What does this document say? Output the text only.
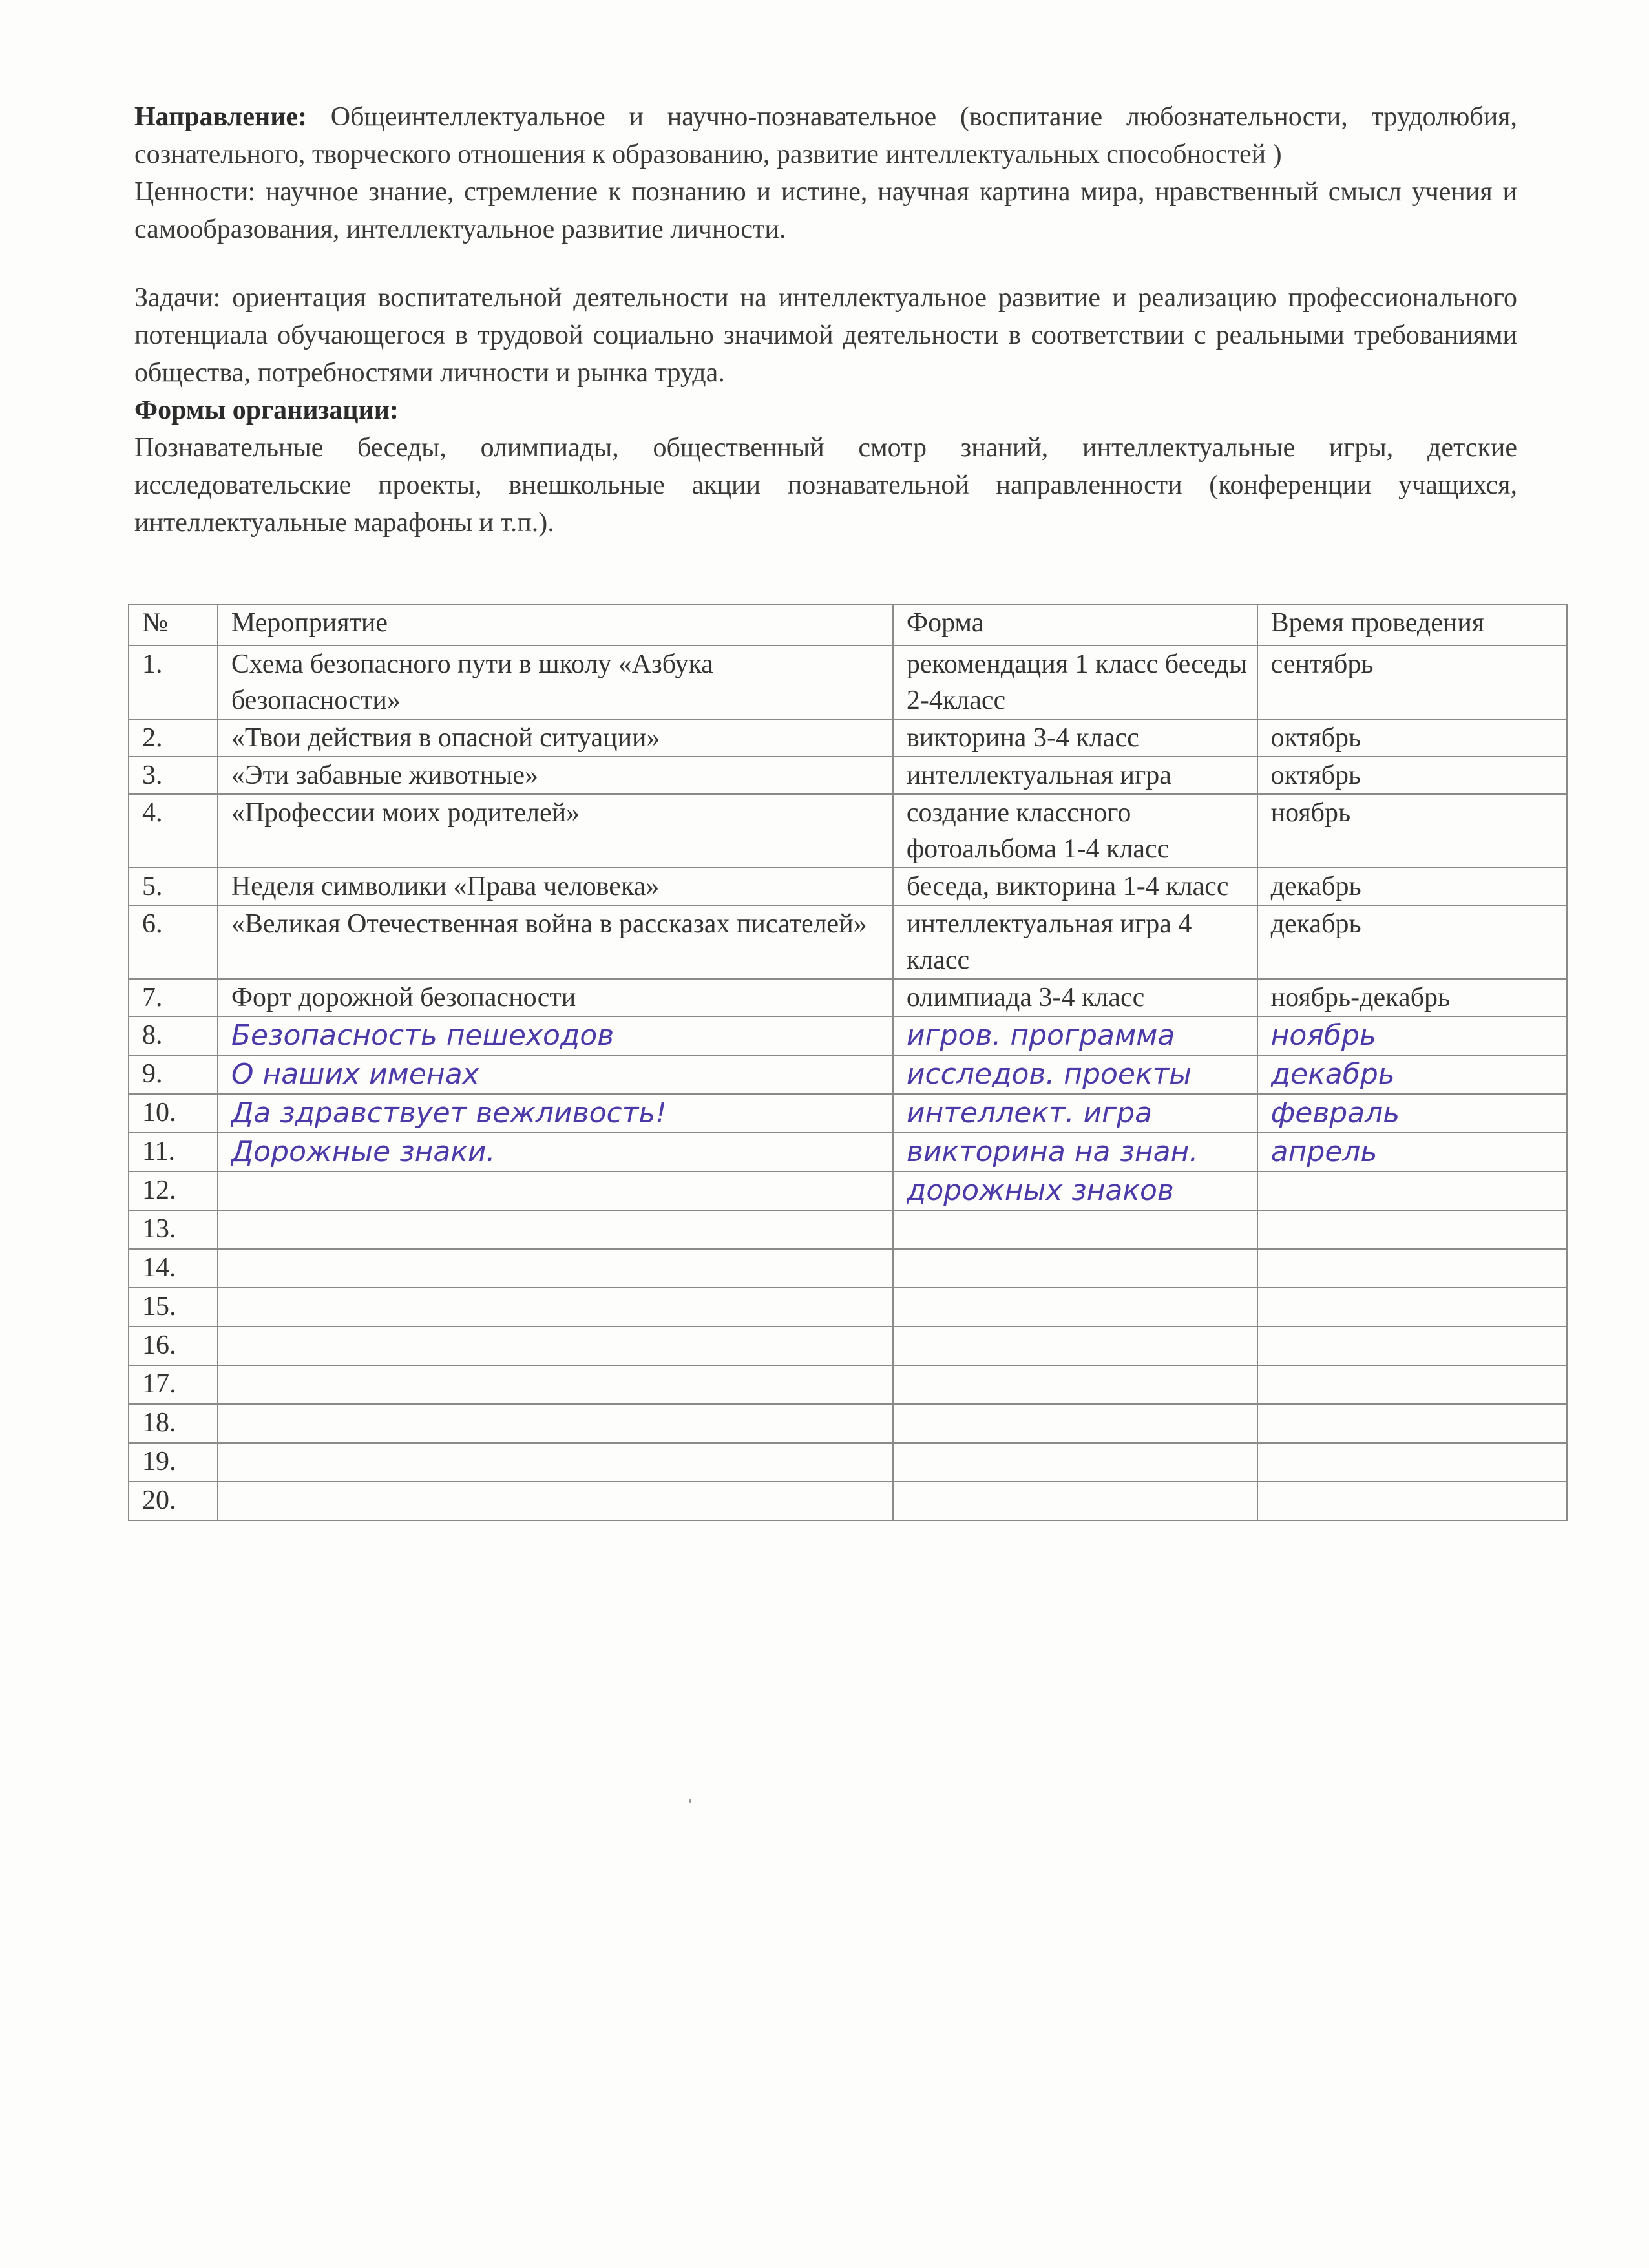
Направление: Общеинтеллектуальное и научно-познавательное (воспитание любознательности, трудолюбия, сознательного, творческого отношения к образованию, развитие интеллектуальных способностей )

Ценности: научное знание, стремление к познанию и истине, научная картина мира, нравственный смысл учения и самообразования, интеллектуальное развитие личности.

Задачи: ориентация воспитательной деятельности на интеллектуальное развитие и реализацию профессионального потенциала обучающегося в трудовой социально значимой деятельности в соответствии с реальными требованиями общества, потребностями личности и рынка труда.

Формы организации:

Познавательные беседы, олимпиады, общественный смотр знаний, интеллектуальные игры, детские исследовательские проекты, внешкольные акции познавательной направленности (конференции учащихся, интеллектуальные марафоны и т.п.).

№	Мероприятие	Форма	Время проведения
1.	Схема безопасного пути в школу «Азбука безопасности»	рекомендация 1 класс беседы 2-4класс	сентябрь
2.	«Твои действия в опасной ситуации»	викторина 3-4 класс	октябрь
3.	«Эти забавные животные»	интеллектуальная игра	октябрь
4.	«Профессии моих родителей»	создание классного фотоальбома 1-4 класс	ноябрь
5.	Неделя символики «Права человека»	беседа, викторина 1-4 класс	декабрь
6.	«Великая Отечественная война в рассказах писателей»	интеллектуальная игра 4 класс	декабрь
7.	Форт дорожной безопасности	олимпиада 3-4 класс	ноябрь-декабрь
8.	Безопасность пешеходов	игров. программа	ноябрь

9.	О наших именах	исследов. проекты	декабрь

10.	Да здравствует вежливость!	интеллект. игра	февраль

11.	Дорожные знаки.	викторина на знан.	апрель

12.		дорожных знаков	

13.			
14.			
15.			
16.			
17.			
18.			
19.			
20.			
